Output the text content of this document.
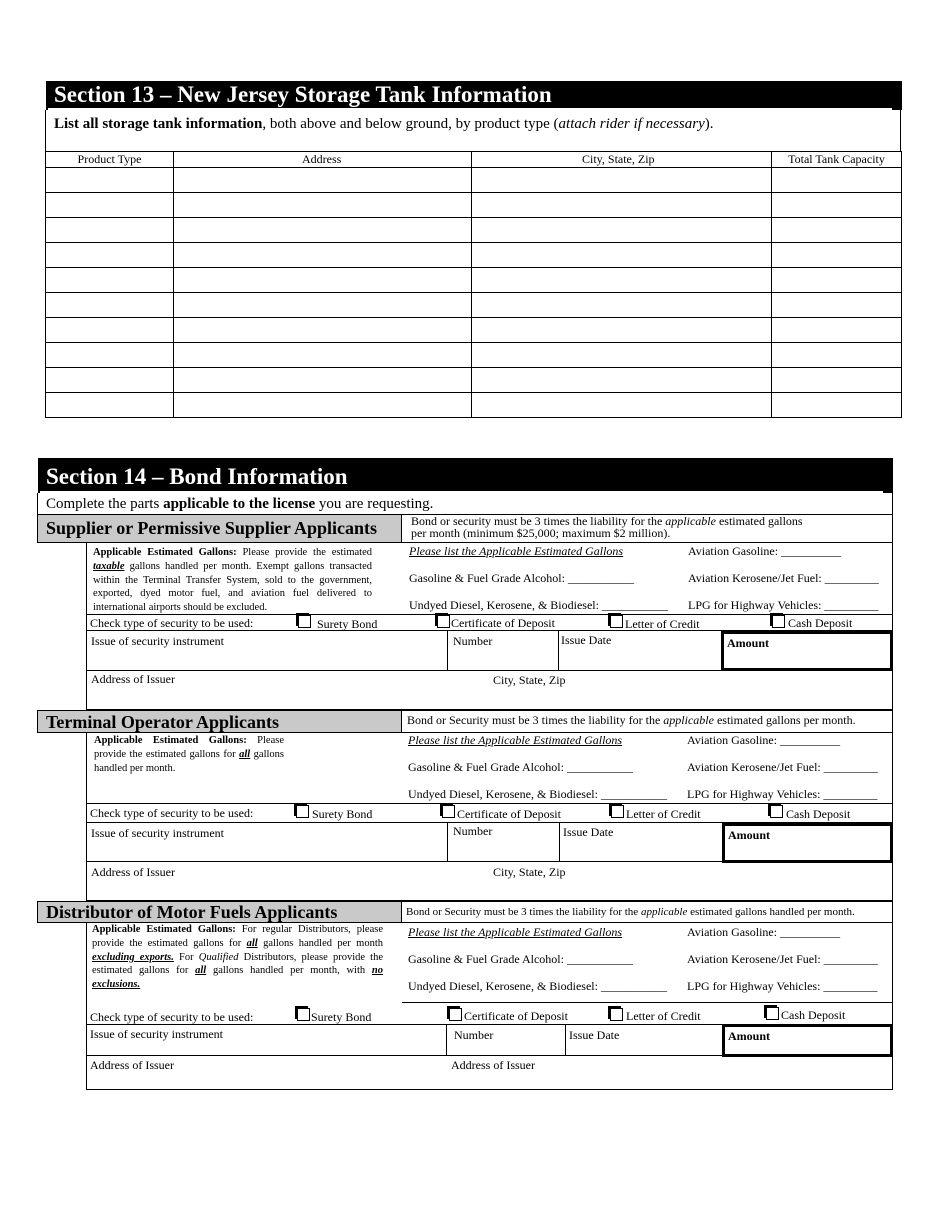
Section 13 – New Jersey Storage Tank Information
List all storage tank information, both above and below ground, by product type (attach rider if necessary).
Product Type	Address	City, State, Zip	Total Tank Capacity

Section 14 – Bond Information
Complete the parts applicable to the license you are requesting.
Supplier or Permissive Supplier Applicants	Bond or security must be 3 times the liability for the applicable estimated gallons
per month (minimum $25,000; maximum $2 million).
Applicable Estimated Gallons: Please provide the estimated taxable gallons handled per month. Exempt gallons transacted within the Terminal Transfer System, sold to the government, exported, dyed motor fuel, and aviation fuel delivered to international airports should be excluded.
Please list the Applicable Estimated Gallons	Aviation Gasoline: __________
Gasoline & Fuel Grade Alcohol: ___________	Aviation Kerosene/Jet Fuel: _________
Undyed Diesel, Kerosene, & Biodiesel: ___________ LPG for Highway Vehicles: _________
Check type of security to be used:	Surety Bond	Certificate of Deposit	Letter of Credit	Cash Deposit
Issue of security instrument	Number	Issue Date	Amount
Address of Issuer	City, State, Zip
Terminal Operator Applicants	Bond or Security must be 3 times the liability for the applicable estimated gallons per month.
Applicable Estimated Gallons: Please provide the estimated gallons for all gallons handled per month.
Please list the Applicable Estimated Gallons	Aviation Gasoline: __________
Gasoline & Fuel Grade Alcohol: ___________	Aviation Kerosene/Jet Fuel: _________
Undyed Diesel, Kerosene, & Biodiesel: ___________ LPG for Highway Vehicles: _________
Check type of security to be used:	Surety Bond	Certificate of Deposit	Letter of Credit	Cash Deposit
Issue of security instrument	Number	Issue Date	Amount
Address of Issuer	City, State, Zip
Distributor of Motor Fuels Applicants	Bond or Security must be 3 times the liability for the applicable estimated gallons handled per month.
Applicable Estimated Gallons: For regular Distributors, please provide the estimated gallons for all gallons handled per month excluding exports. For Qualified Distributors, please provide the estimated gallons for all gallons handled per month, with no exclusions.
Please list the Applicable Estimated Gallons	Aviation Gasoline: __________
Gasoline & Fuel Grade Alcohol: ___________	Aviation Kerosene/Jet Fuel: _________
Undyed Diesel, Kerosene, & Biodiesel: ___________ LPG for Highway Vehicles: _________
Check type of security to be used:	Surety Bond	Certificate of Deposit	Letter of Credit	Cash Deposit
Issue of security instrument	Number	Issue Date	Amount
Address of Issuer	Address of Issuer
